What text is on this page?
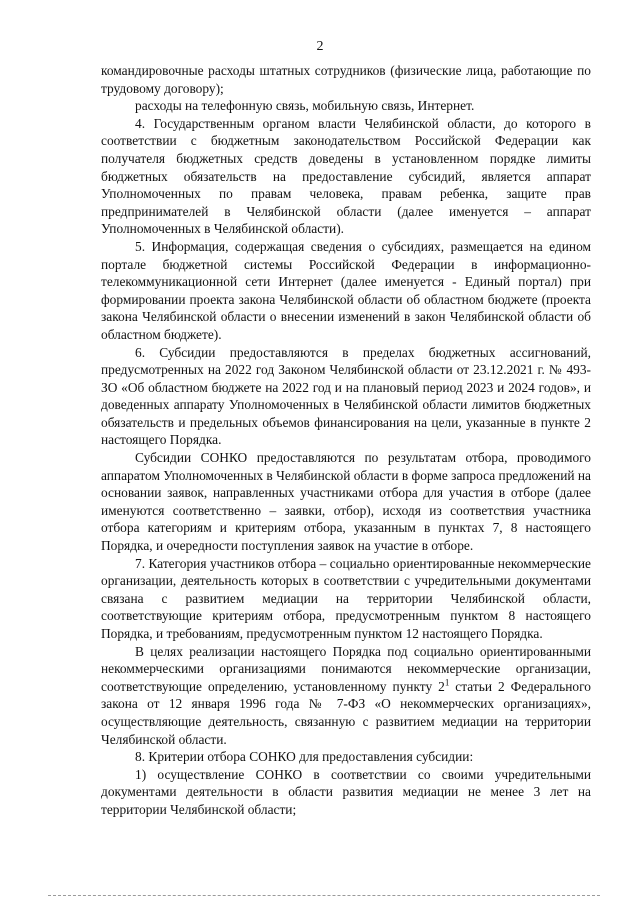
2

командировочные расходы штатных сотрудников (физические лица, работающие по трудовому договору);

расходы на телефонную связь, мобильную связь, Интернет.

4. Государственным органом власти Челябинской области, до которого в соответствии с бюджетным законодательством Российской Федерации как получателя бюджетных средств доведены в установленном порядке лимиты бюджетных обязательств на предоставление субсидий, является аппарат Уполномоченных по правам человека, правам ребенка, защите прав предпринимателей в Челябинской области (далее именуется – аппарат Уполномоченных в Челябинской области).

5. Информация, содержащая сведения о субсидиях, размещается на едином портале бюджетной системы Российской Федерации в информационно-телекоммуникационной сети Интернет (далее именуется - Единый портал) при формировании проекта закона Челябинской области об областном бюджете (проекта закона Челябинской области о внесении изменений в закон Челябинской области об областном бюджете).

6. Субсидии предоставляются в пределах бюджетных ассигнований, предусмотренных на 2022 год Законом Челябинской области от 23.12.2021 г. № 493-ЗО «Об областном бюджете на 2022 год и на плановый период 2023 и 2024 годов», и доведенных аппарату Уполномоченных в Челябинской области лимитов бюджетных обязательств и предельных объемов финансирования на цели, указанные в пункте 2 настоящего Порядка.

Субсидии СОНКО предоставляются по результатам отбора, проводимого аппаратом Уполномоченных в Челябинской области в форме запроса предложений на основании заявок, направленных участниками отбора для участия в отборе (далее именуются соответственно – заявки, отбор), исходя из соответствия участника отбора категориям и критериям отбора, указанным в пунктах 7, 8 настоящего Порядка, и очередности поступления заявок на участие в отборе.

7. Категория участников отбора – социально ориентированные некоммерческие организации, деятельность которых в соответствии с учредительными документами связана с развитием медиации на территории Челябинской области, соответствующие критериям отбора, предусмотренным пунктом 8 настоящего Порядка, и требованиям, предусмотренным пунктом 12 настоящего Порядка.

В целях реализации настоящего Порядка под социально ориентированными некоммерческими организациями понимаются некоммерческие организации, соответствующие определению, установленному пункту $2^1$ статьи 2 Федерального закона от 12 января 1996 года № 7-ФЗ «О некоммерческих организациях», осуществляющие деятельность, связанную с развитием медиации на территории Челябинской области.

8. Критерии отбора СОНКО для предоставления субсидии:

1) осуществление СОНКО в соответствии со своими учредительными документами деятельности в области развития медиации не менее 3 лет на территории Челябинской области;
